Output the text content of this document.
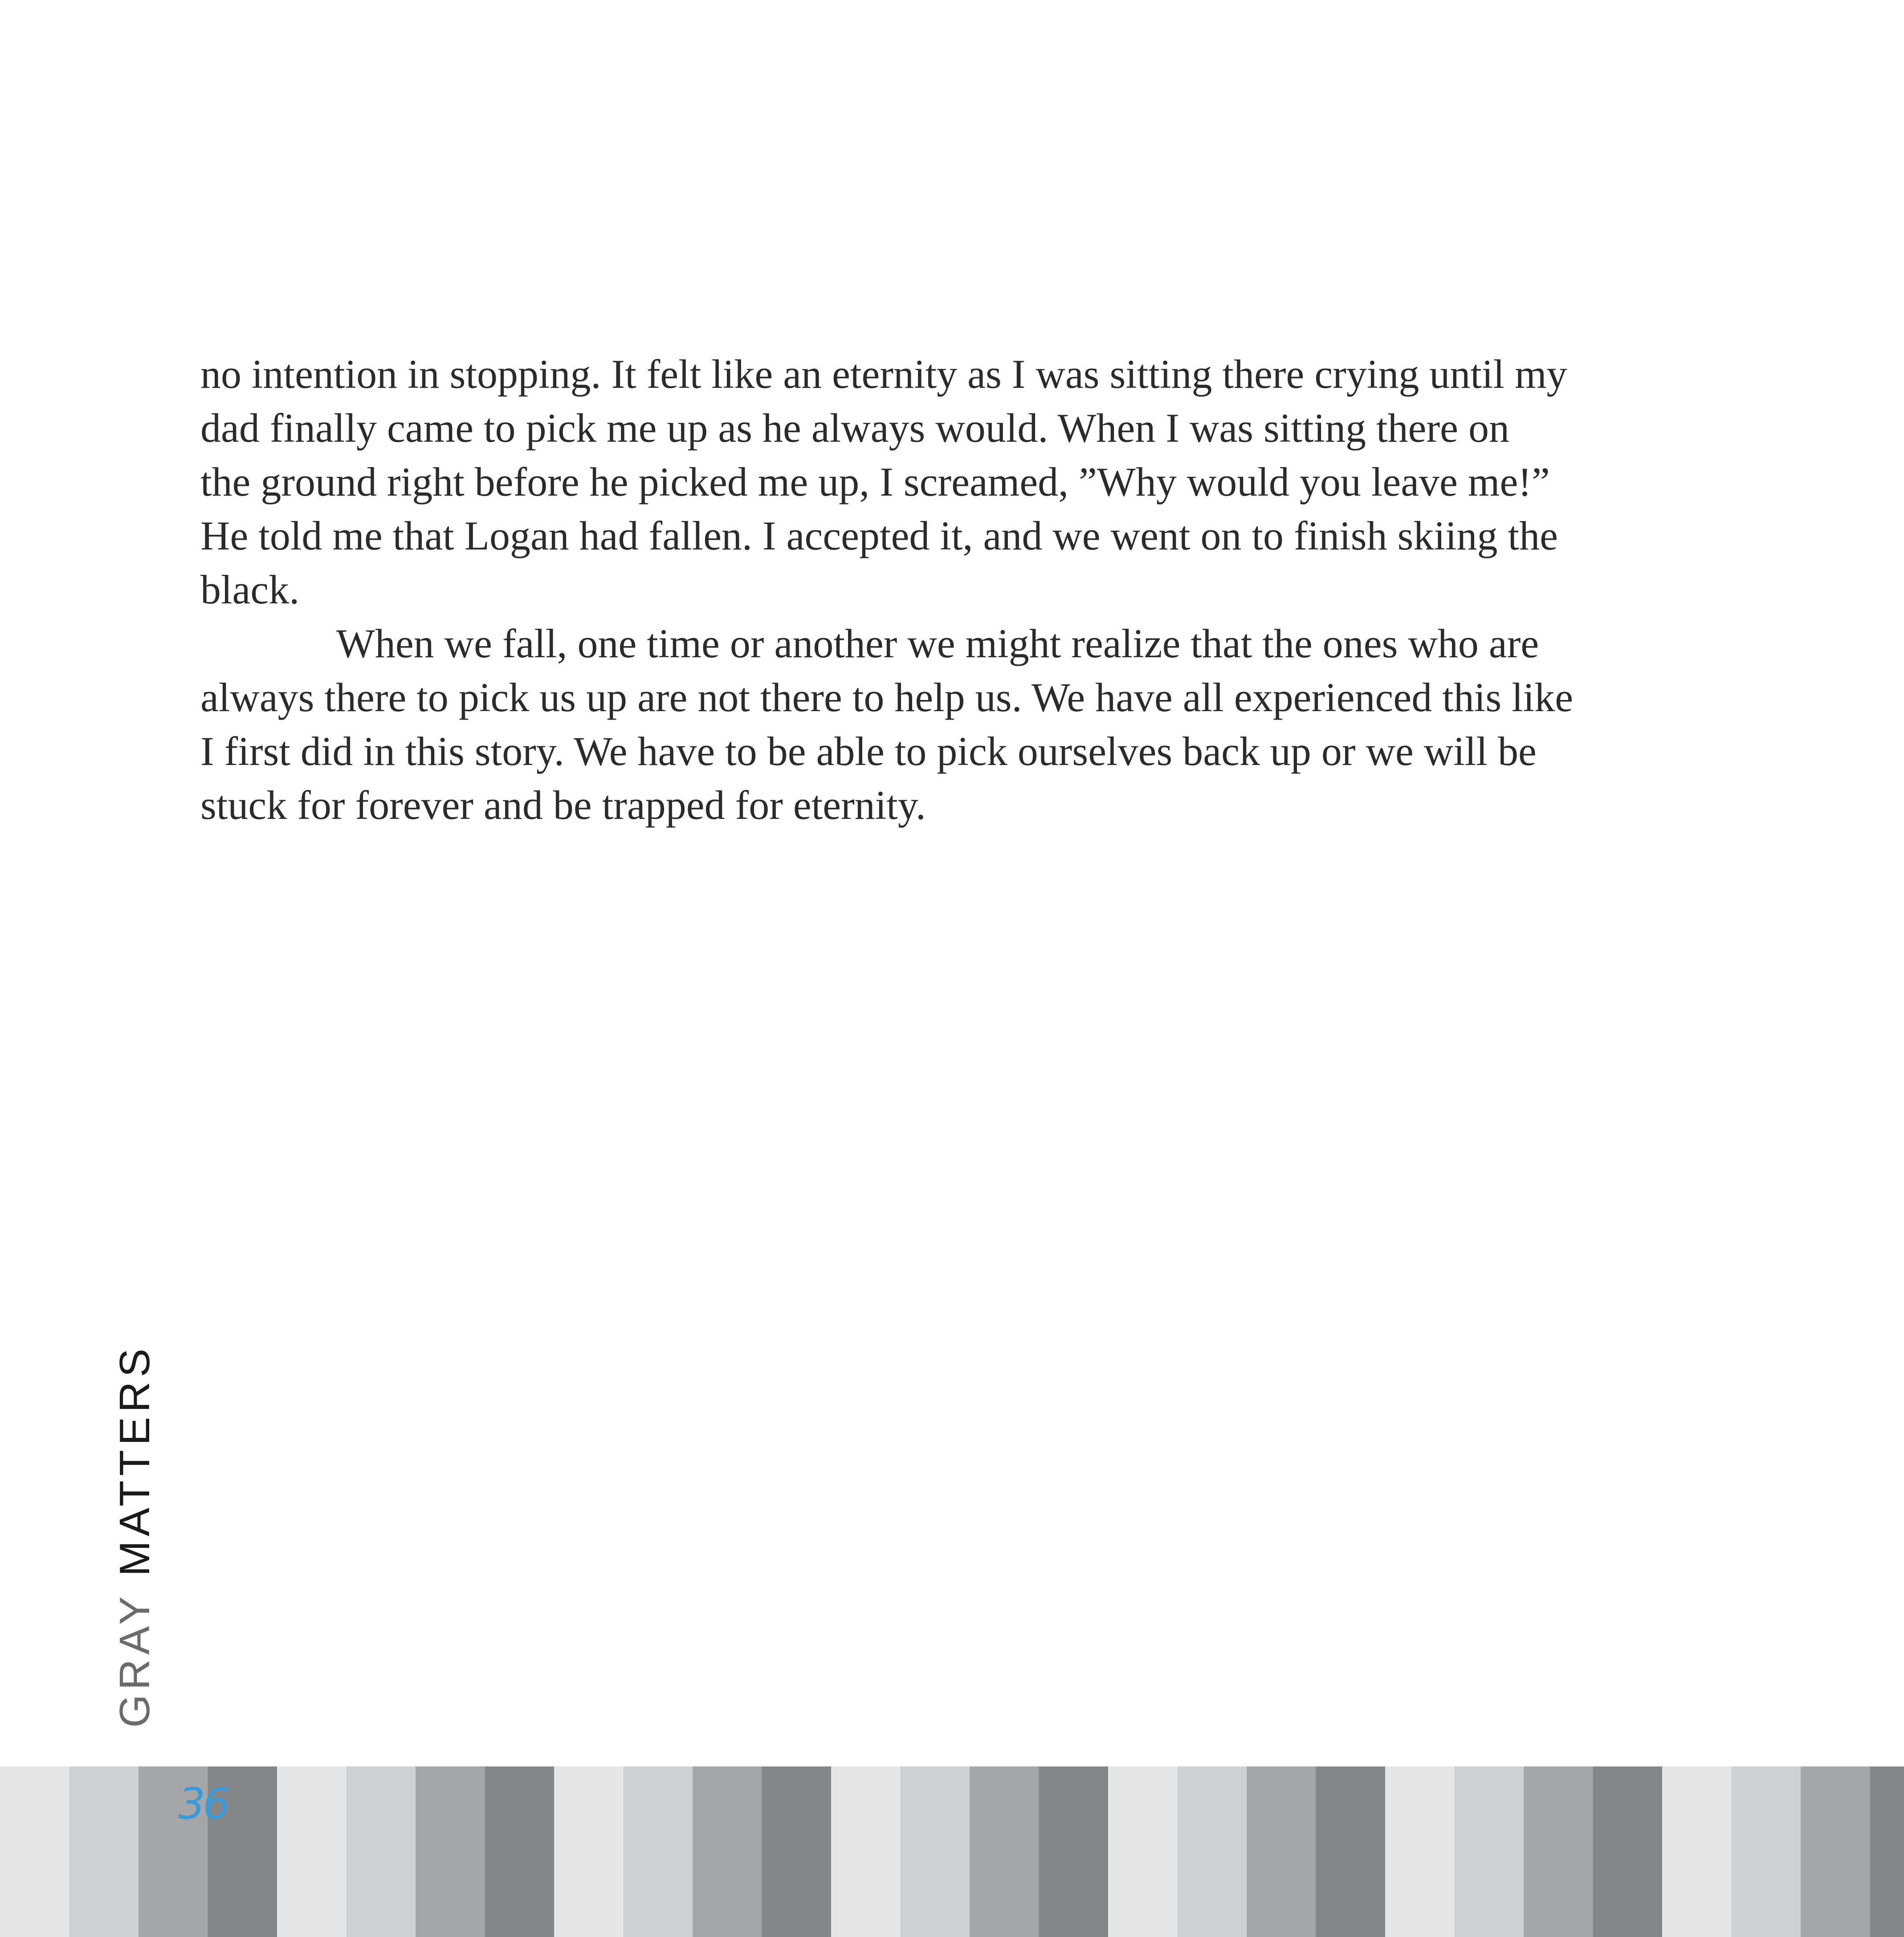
no intention in stopping. It felt like an eternity as I was sitting there crying until my
dad finally came to pick me up as he always would. When I was sitting there on
the ground right before he picked me up, I screamed, ”Why would you leave me!”
He told me that Logan had fallen. I accepted it, and we went on to finish skiing the
black.
When we fall, one time or another we might realize that the ones who are
always there to pick us up are not there to help us. We have all experienced this like
I first did in this story. We have to be able to pick ourselves back up or we will be
stuck for forever and be trapped for eternity.
GRAY MATTERS
36
